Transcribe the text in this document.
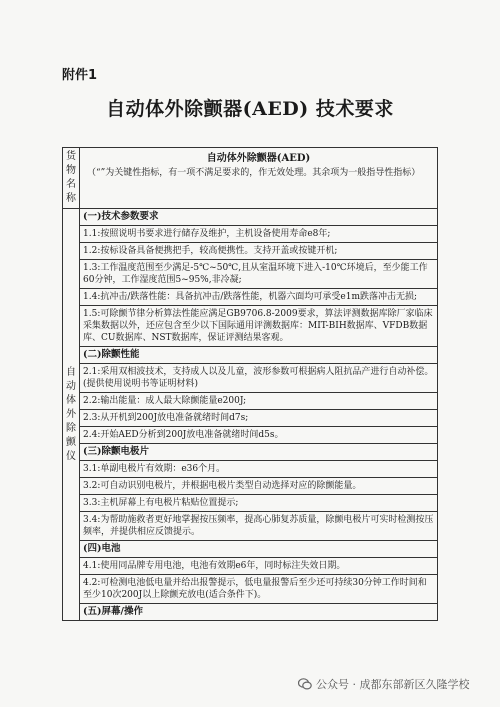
附件1
自动体外除颤器(AED) 技术要求
货物名称	自动体外除颤器(AED)
（“”为关键性指标，有一项不满足要求的，作无效处理。其余项为一般指导性指标）

自动体外除颤仪	(一)技术参数要求
	1.1:按照说明书要求进行储存及维护，主机设备使用寿命e8年;
	1.2:按标设备具备便携把手，较高便携性。支持开盖或按键开机;
	1.3:工作温度范围至少满足-5℃~50℃,且从室温环境下进入-10℃环境后，至少能工作60分钟，工作湿度范围5~95%,非冷凝;
	1.4:抗冲击/跌落性能：具备抗冲击/跌落性能，机器六面均可承受e1m跌落冲击无损;
	1.5:可除颤节律分析算法性能应满足GB9706.8-2009要求，算法评测数据库除厂家临床采集数据以外，还应包含至少以下国际通用评测数据库：MIT-BIH数据库、VFDB数据库、CU数据库、NST数据库，保证评测结果客观。
	(二)除颤性能
	2.1:采用双相波技术，支持成人以及儿童，波形参数可根据病人阻抗品产进行自动补偿。(提供使用说明书等证明材料)
	2.2:输出能量：成人最大除颤能量e200J;
	2.3:从开机到200J放电准备就绪时间d7s;
	2.4:开始AED分析到200J放电准备就绪时间d5s。
	(三)除颤电极片
	3.1:单副电极片有效期：e36个月。
	3.2:可自动识别电极片，并根据电极片类型自动选择对应的除颤能量。
	3.3:主机屏幕上有电极片粘贴位置提示;
	3.4:为帮助施救者更好地掌握按压频率，提高心肺复苏质量，除颤电极片可实时检测按压频率，并提供相应反馈提示。
	(四)电池
	4.1:使用同品牌专用电池，电池有效期e6年，同时标注失效日期。
	4.2:可检测电池低电量并给出报警提示，低电量报警后至少还可持续30分钟工作时间和至少10次200J以上除颤充放电(适合条件下)。
	(五)屏幕/操作
公众号 · 成都东部新区久隆学校
